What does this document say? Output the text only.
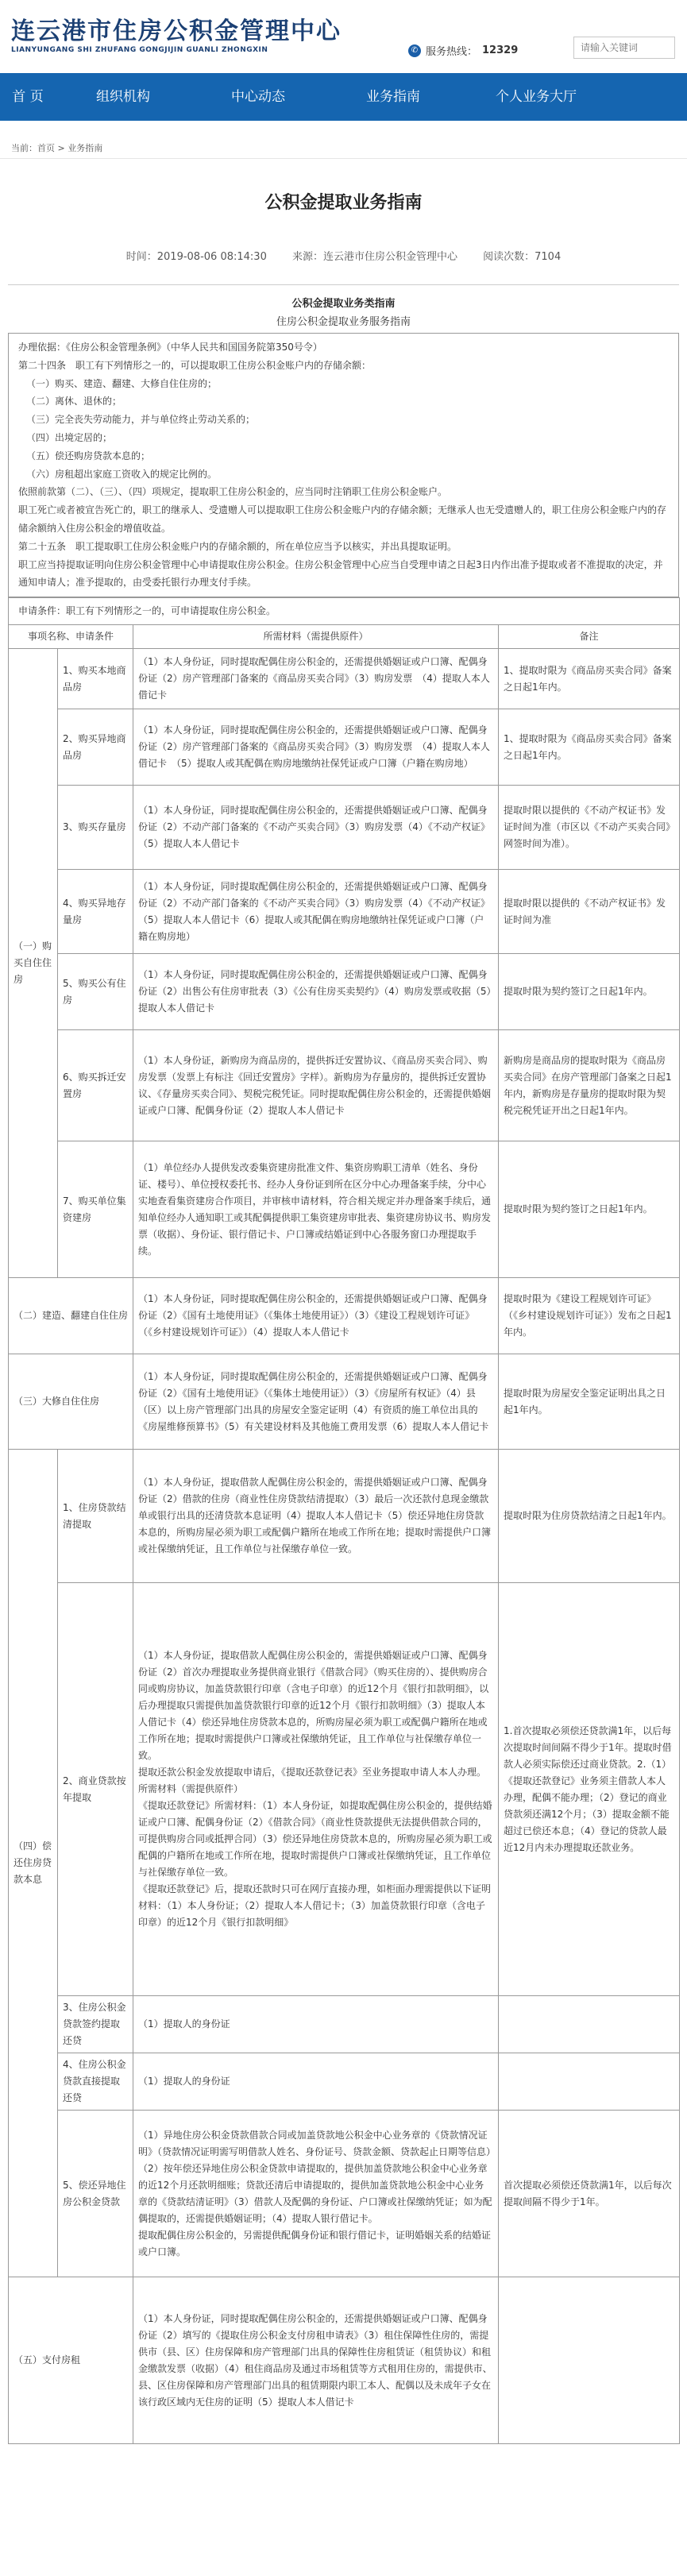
连云港市住房公积金管理中心
LIANYUNGANG SHI ZHUFANG GONGJIJIN GUANLI ZHONGXIN	✆ 服务热线： 12329
请输入关键词
首 页	组织机构	中心动态	业务指南	个人业务大厅
当前：首页 > 业务指南
公积金提取业务指南
时间：2019-08-06 08:14:30 来源：连云港市住房公积金管理中心 阅读次数：7104
公积金提取业务类指南
住房公积金提取业务服务指南

办理依据：《住房公积金管理条例》（中华人民共和国国务院第350号令）

第二十四条　职工有下列情形之一的，可以提取职工住房公积金账户内的存储余额：

（一）购买、建造、翻建、大修自住住房的；

（二）离休、退休的；

（三）完全丧失劳动能力，并与单位终止劳动关系的；

（四）出境定居的；

（五）偿还购房贷款本息的；

（六）房租超出家庭工资收入的规定比例的。

依照前款第（二）、（三）、（四）项规定，提取职工住房公积金的，应当同时注销职工住房公积金账户。

职工死亡或者被宣告死亡的，职工的继承人、受遗赠人可以提取职工住房公积金账户内的存储余额；无继承人也无受遗赠人的，职工住房公积金账户内的存储余额纳入住房公积金的增值收益。

第二十五条　职工提取职工住房公积金账户内的存储余额的，所在单位应当予以核实，并出具提取证明。

职工应当持提取证明向住房公积金管理中心申请提取住房公积金。住房公积金管理中心应当自受理申请之日起3日内作出准予提取或者不准提取的决定，并通知申请人；准予提取的，由受委托银行办理支付手续。

申请条件：职工有下列情形之一的，可申请提取住房公积金。			
事项名称、申请条件		所需材料（需提供原件）	备注
（一）购买自住住房	1、购买本地商品房	（1）本人身份证，同时提取配偶住房公积金的，还需提供婚姻证或户口簿、配偶身份证（2）房产管理部门备案的《商品房买卖合同》（3）购房发票　（4）提取人本人借记卡	1、提取时限为《商品房买卖合同》备案之日起1年内。
	2、购买异地商品房	（1）本人身份证，同时提取配偶住房公积金的，还需提供婚姻证或户口簿、配偶身份证（2）房产管理部门备案的《商品房买卖合同》（3）购房发票　（4）提取人本人借记卡　（5）提取人或其配偶在购房地缴纳社保凭证或户口簿（户籍在购房地）	1、提取时限为《商品房买卖合同》备案之日起1年内。
	3、购买存量房	（1）本人身份证，同时提取配偶住房公积金的，还需提供婚姻证或户口簿、配偶身份证（2）不动产部门备案的《不动产买卖合同》（3）购房发票（4）《不动产权证》（5）提取人本人借记卡	提取时限以提供的《不动产权证书》发证时间为准（市区以《不动产买卖合同》网签时间为准）。
	4、购买异地存量房	（1）本人身份证，同时提取配偶住房公积金的，还需提供婚姻证或户口簿、配偶身份证（2）不动产部门备案的《不动产买卖合同》（3）购房发票（4）《不动产权证》（5）提取人本人借记卡（6）提取人或其配偶在购房地缴纳社保凭证或户口簿（户籍在购房地）	提取时限以提供的《不动产权证书》发证时间为准
	5、购买公有住房	（1）本人身份证，同时提取配偶住房公积金的，还需提供婚姻证或户口簿、配偶身份证（2）出售公有住房审批表（3）《公有住房买卖契约》（4）购房发票或收据（5）提取人本人借记卡	提取时限为契约签订之日起1年内。
	6、购买拆迁安置房	（1）本人身份证，新购房为商品房的，提供拆迁安置协议、《商品房买卖合同》、购房发票（发票上有标注《回迁安置房》字样）。新购房为存量房的，提供拆迁安置协议、《存量房买卖合同》、契税完税凭证。同时提取配偶住房公积金的，还需提供婚姻证或户口簿、配偶身份证（2）提取人本人借记卡	新购房是商品房的提取时限为《商品房买卖合同》在房产管理部门备案之日起1年内，新购房是存量房的提取时限为契税完税凭证开出之日起1年内。
	7、购买单位集资建房	（1）单位经办人提供发改委集资建房批准文件、集资房购职工清单（姓名、身份证、楼号）、单位授权委托书、经办人身份证到所在区分中心办理备案手续，分中心实地查看集资建房合作项目，并审核申请材料，符合相关规定并办理备案手续后，通知单位经办人通知职工或其配偶提供职工集资建房审批表、集资建房协议书、购房发票（收据）、身份证、银行借记卡、户口簿或结婚证到中心各服务窗口办理提取手续。	提取时限为契约签订之日起1年内。
（二）建造、翻建自住住房		（1）本人身份证，同时提取配偶住房公积金的，还需提供婚姻证或户口簿、配偶身份证（2）《国有土地使用证》（《集体土地使用证》）（3）《建设工程规划许可证》（《乡村建设规划许可证》）（4）提取人本人借记卡	提取时限为《建设工程规划许可证》（《乡村建设规划许可证》）发布之日起1年内。
（三）大修自住住房		（1）本人身份证，同时提取配偶住房公积金的，还需提供婚姻证或户口簿、配偶身份证（2）《国有土地使用证》（《集体土地使用证》）（3）《房屋所有权证》（4）县（区）以上房产管理部门出具的房屋安全鉴定证明（4）有资质的施工单位出具的《房屋维修预算书》（5）有关建设材料及其他施工费用发票（6）提取人本人借记卡	提取时限为房屋安全鉴定证明出具之日起1年内。
（四）偿还住房贷款本息	1、住房贷款结清提取	（1）本人身份证，提取借款人配偶住房公积金的，需提供婚姻证或户口簿、配偶身份证（2）借款的住房（商业性住房贷款结清提取）（3）最后一次还款付息现金缴款单或银行出具的还清贷款本息证明（4）提取人本人借记卡（5）偿还异地住房贷款本息的，所购房屋必须为职工或配偶户籍所在地或工作所在地；提取时需提供户口簿或社保缴纳凭证，且工作单位与社保缴存单位一致。	提取时限为住房贷款结清之日起1年内。
	2、商业贷款按年提取	（1）本人身份证，提取借款人配偶住房公积金的，需提供婚姻证或户口簿、配偶身份证（2）首次办理提取业务提供商业银行《借款合同》（购买住房的）、提供购房合同或购房协议，加盖贷款银行印章（含电子印章）的近12个月《银行扣款明细》，以后办理提取只需提供加盖贷款银行印章的近12个月《银行扣款明细》（3）提取人本人借记卡（4）偿还异地住房贷款本息的，所购房屋必须为职工或配偶户籍所在地或工作所在地；提取时需提供户口簿或社保缴纳凭证，且工作单位与社保缴存单位一致。
提取还款公积金发放提取申请后，《提取还款登记表》至业务提取申请人本人办理。所需材料（需提供原件）
《提取还款登记》所需材料：（1）本人身份证，如提取配偶住房公积金的，提供结婚证或户口簿、配偶身份证（2）《借款合同》（商业性贷款提供无法提供借款合同的，可提供购房合同或抵押合同）（3）偿还异地住房贷款本息的，所购房屋必须为职工或配偶的户籍所在地或工作所在地，提取时需提供户口簿或社保缴纳凭证，且工作单位与社保缴存单位一致。
《提取还款登记》后，提取还款时只可在网厅直接办理，如柜面办理需提供以下证明材料：（1）本人身份证；（2）提取人本人借记卡；（3）加盖贷款银行印章（含电子印章）的近12个月《银行扣款明细》	1.首次提取必须偿还贷款满1年，以后每次提取时间间隔不得少于1年。提取时借款人必须实际偿还过商业贷款。2.（1）《提取还款登记》业务须主借款人本人办理，配偶不能办理；（2）登记的商业贷款须还满12个月；（3）提取金额不能超过已偿还本息；（4）登记的贷款人最近12月内未办理提取还款业务。
	3、住房公积金贷款签约提取还贷	（1）提取人的身份证	
	4、住房公积金贷款直接提取还贷	（1）提取人的身份证	
	5、偿还异地住房公积金贷款	（1）异地住房公积金贷款借款合同或加盖贷款地公积金中心业务章的《贷款情况证明》（贷款情况证明需写明借款人姓名、身份证号、贷款金额、贷款起止日期等信息）（2）按年偿还异地住房公积金贷款申请提取的，提供加盖贷款地公积金中心业务章的近12个月还款明细账；贷款还清后申请提取的，提供加盖贷款地公积金中心业务章的《贷款结清证明》（3）借款人及配偶的身份证、户口簿或社保缴纳凭证；如为配偶提取的，还需提供婚姻证明；（4）提取人银行借记卡。
提取配偶住房公积金的，另需提供配偶身份证和银行借记卡，证明婚姻关系的结婚证或户口簿。	首次提取必须偿还贷款满1年，以后每次提取间隔不得少于1年。
（五）支付房租		（1）本人身份证，同时提取配偶住房公积金的，还需提供婚姻证或户口簿、配偶身份证（2）填写的《提取住房公积金支付房租申请表》（3）租住保障性住房的，需提供市（县、区）住房保障和房产管理部门出具的保障性住房租赁证（租赁协议）和租金缴款发票（收据）（4）租住商品房及通过市场租赁等方式租用住房的，需提供市、县、区住房保障和房产管理部门出具的租赁期限内职工本人、配偶以及未成年子女在该行政区域内无住房的证明（5）提取人本人借记卡	
